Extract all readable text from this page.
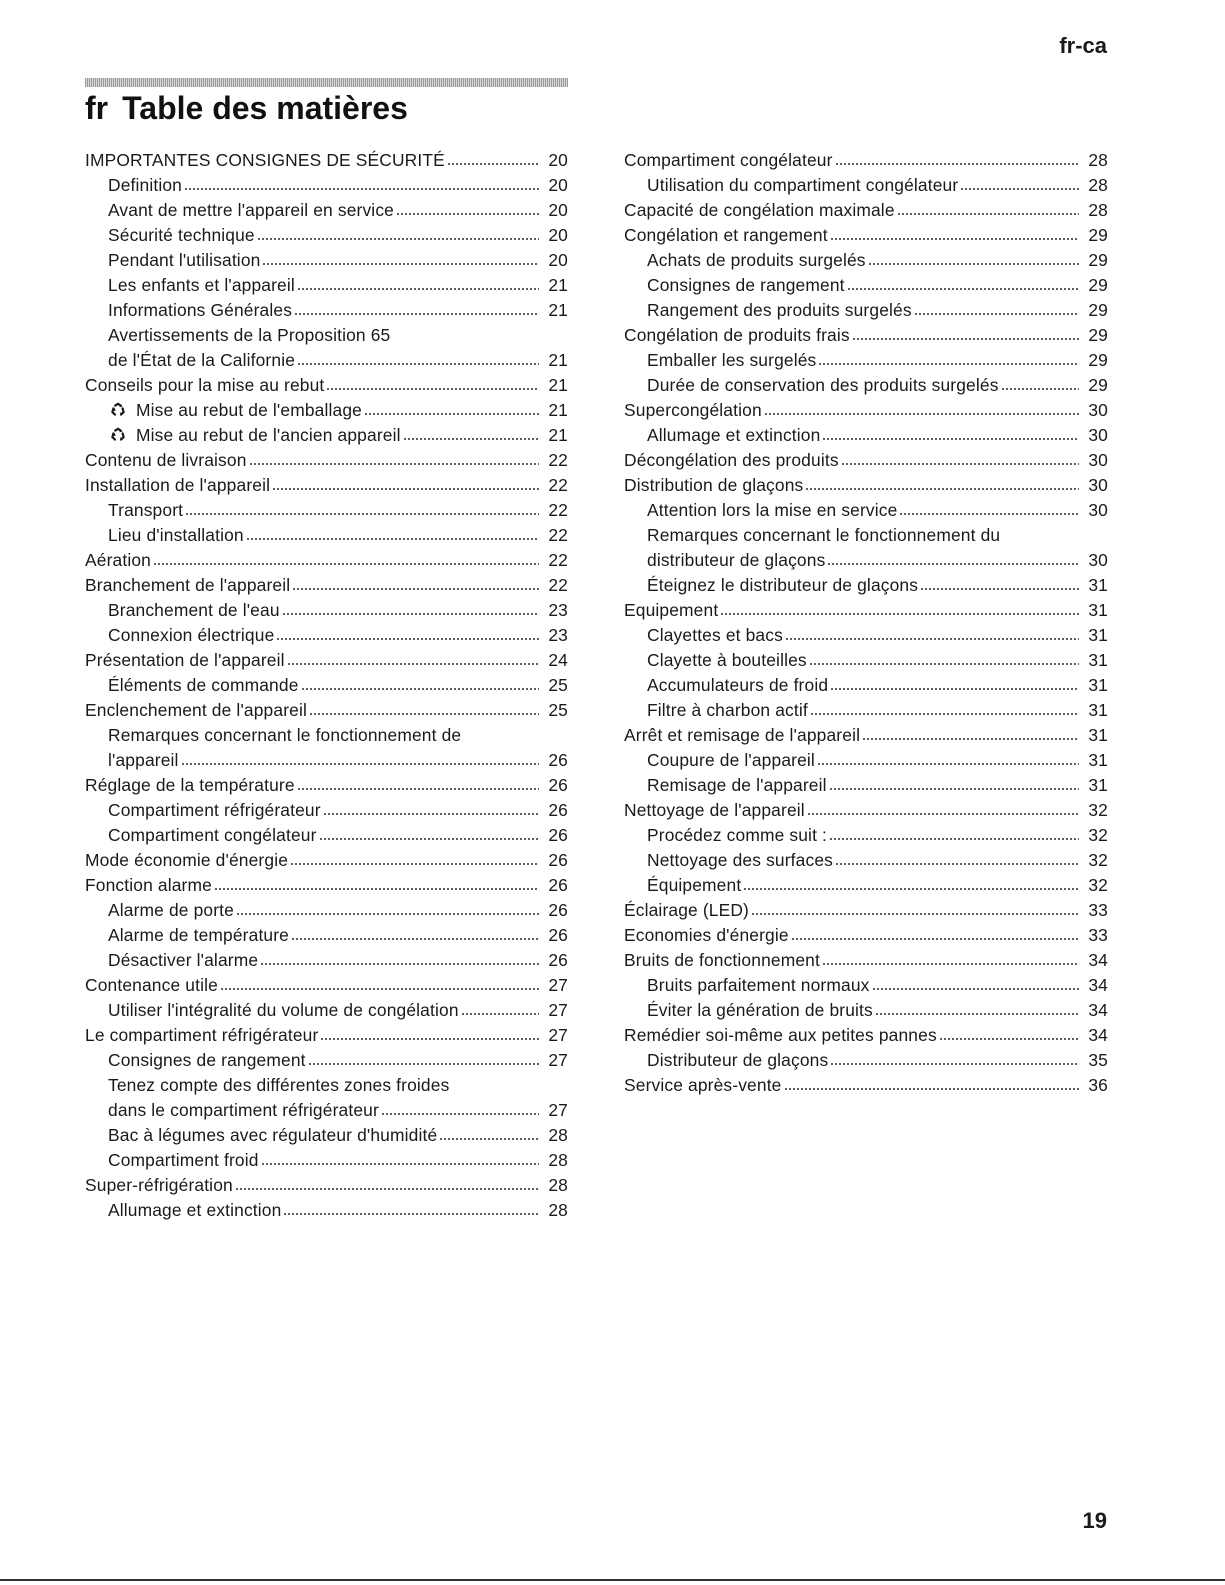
fr-ca
fr Table des matières
IMPORTANTES CONSIGNES DE SÉCURITÉ	20
Definition	20
Avant de mettre l'appareil en service	20
Sécurité technique	20
Pendant l'utilisation	20
Les enfants et l'appareil	21
Informations Générales	21
Avertissements de la Proposition 65
de l'État de la Californie	21
Conseils pour la mise au rebut	21
Mise au rebut de l'emballage	21
Mise au rebut de l'ancien appareil	21
Contenu de livraison	22
Installation de l'appareil	22
Transport	22
Lieu d'installation	22
Aération	22
Branchement de l'appareil	22
Branchement de l'eau	23
Connexion électrique	23
Présentation de l'appareil	24
Éléments de commande	25
Enclenchement de l'appareil	25
Remarques concernant le fonctionnement de
l'appareil	26
Réglage de la température	26
Compartiment réfrigérateur	26
Compartiment congélateur	26
Mode économie d'énergie	26
Fonction alarme	26
Alarme de porte	26
Alarme de température	26
Désactiver l'alarme	26
Contenance utile	27
Utiliser l'intégralité du volume de congélation	27
Le compartiment réfrigérateur	27
Consignes de rangement	27
Tenez compte des différentes zones froides
dans le compartiment réfrigérateur	27
Bac à légumes avec régulateur d'humidité	28
Compartiment froid	28
Super-réfrigération	28
Allumage et extinction	28
Compartiment congélateur	28
Utilisation du compartiment congélateur	28
Capacité de congélation maximale	28
Congélation et rangement	29
Achats de produits surgelés	29
Consignes de rangement	29
Rangement des produits surgelés	29
Congélation de produits frais	29
Emballer les surgelés	29
Durée de conservation des produits surgelés	29
Supercongélation	30
Allumage et extinction	30
Décongélation des produits	30
Distribution de glaçons	30
Attention lors la mise en service	30
Remarques concernant le fonctionnement du
distributeur de glaçons	30
Éteignez le distributeur de glaçons	31
Equipement	31
Clayettes et bacs	31
Clayette à bouteilles	31
Accumulateurs de froid	31
Filtre à charbon actif	31
Arrêt et remisage de l'appareil	31
Coupure de l'appareil	31
Remisage de l'appareil	31
Nettoyage de l'appareil	32
Procédez comme suit :	32
Nettoyage des surfaces	32
Équipement	32
Éclairage (LED)	33
Economies d'énergie	33
Bruits de fonctionnement	34
Bruits parfaitement normaux	34
Éviter la génération de bruits	34
Remédier soi-même aux petites pannes	34
Distributeur de glaçons	35
Service après-vente	36
19
